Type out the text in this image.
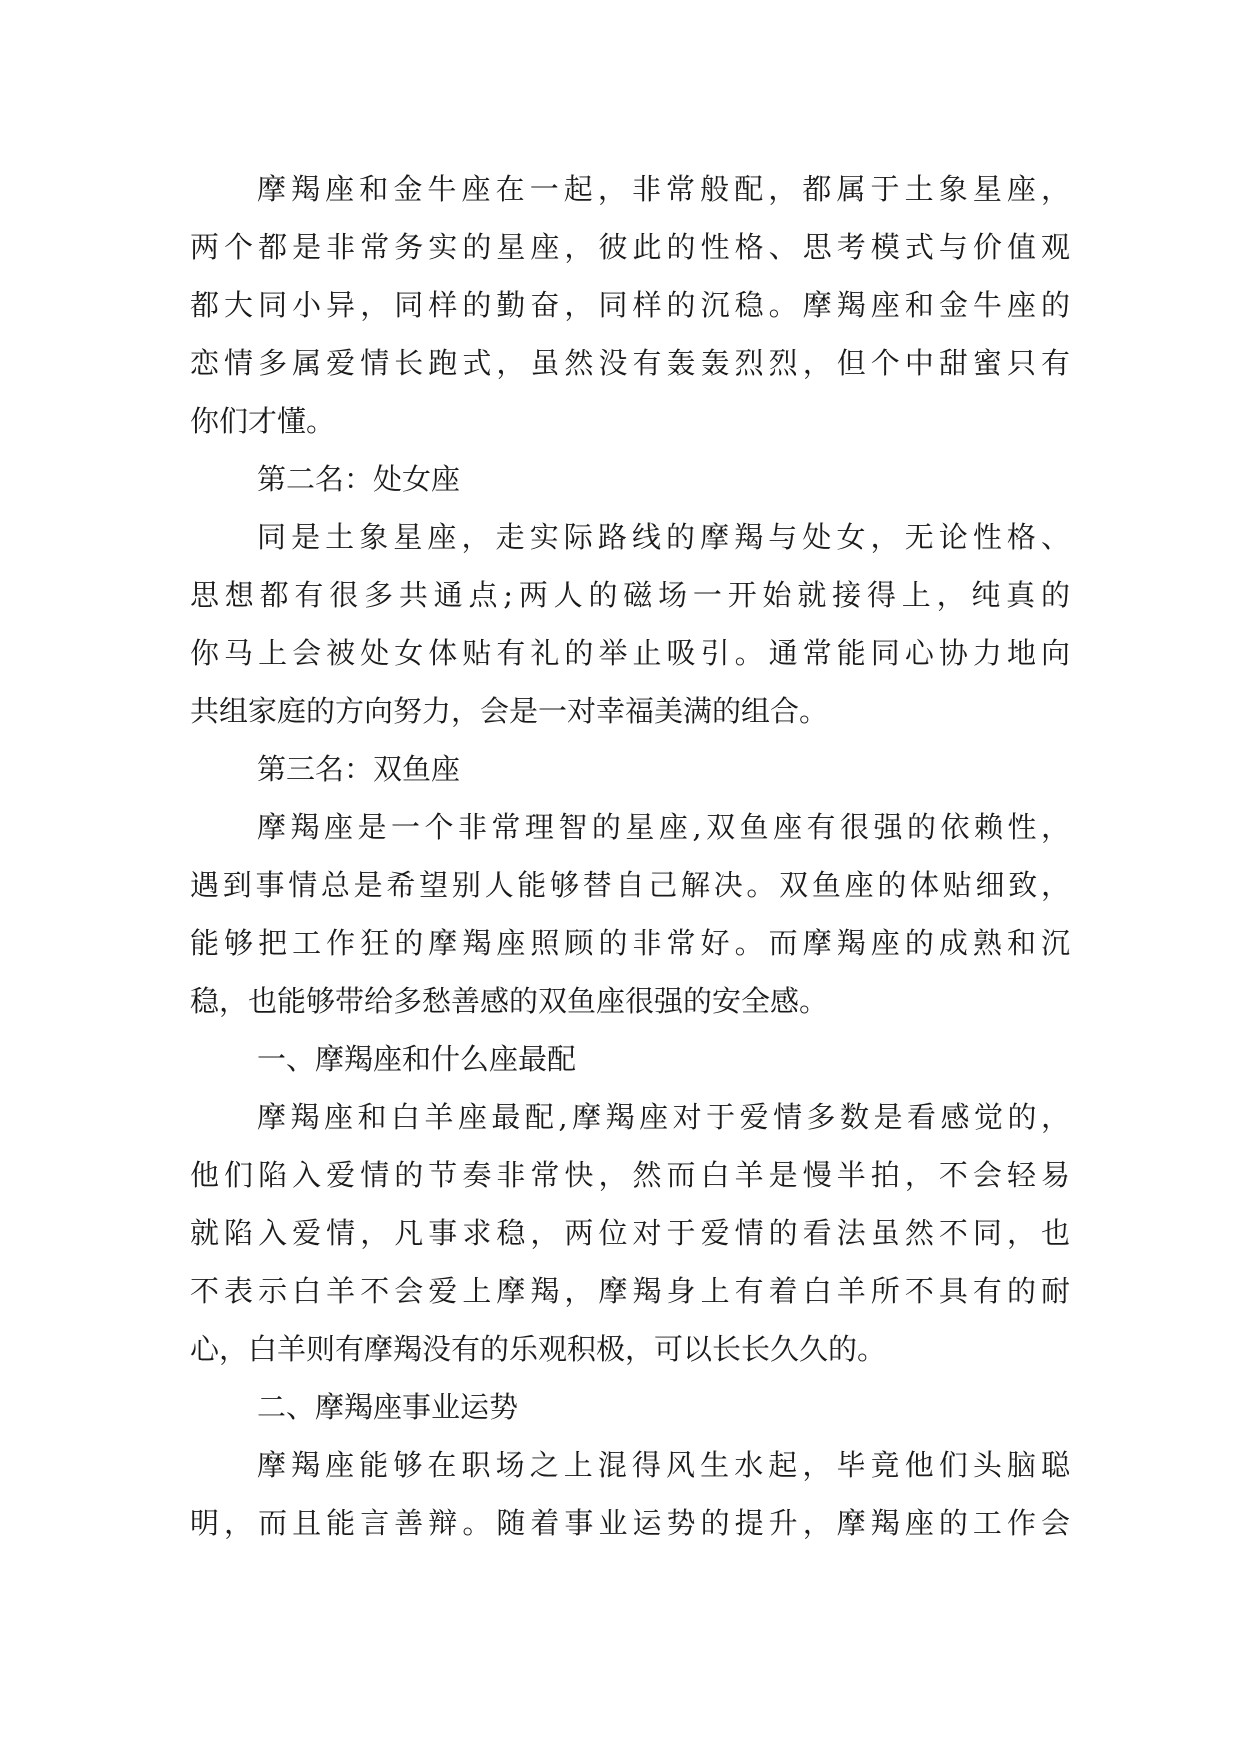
摩羯座和金牛座在一起，非常般配，都属于土象星座，
两个都是非常务实的星座，彼此的性格、思考模式与价值观
都大同小异，同样的勤奋，同样的沉稳。摩羯座和金牛座的
恋情多属爱情长跑式，虽然没有轰轰烈烈，但个中甜蜜只有
你们才懂。
第二名：处女座
同是土象星座，走实际路线的摩羯与处女，无论性格、
思想都有很多共通点;两人的磁场一开始就接得上，纯真的
你马上会被处女体贴有礼的举止吸引。通常能同心协力地向
共组家庭的方向努力，会是一对幸福美满的组合。
第三名：双鱼座
摩羯座是一个非常理智的星座,双鱼座有很强的依赖性，
遇到事情总是希望别人能够替自己解决。双鱼座的体贴细致，
能够把工作狂的摩羯座照顾的非常好。而摩羯座的成熟和沉
稳，也能够带给多愁善感的双鱼座很强的安全感。
一、摩羯座和什么座最配
摩羯座和白羊座最配,摩羯座对于爱情多数是看感觉的，
他们陷入爱情的节奏非常快，然而白羊是慢半拍，不会轻易
就陷入爱情，凡事求稳，两位对于爱情的看法虽然不同，也
不表示白羊不会爱上摩羯，摩羯身上有着白羊所不具有的耐
心，白羊则有摩羯没有的乐观积极，可以长长久久的。
二、摩羯座事业运势
摩羯座能够在职场之上混得风生水起，毕竟他们头脑聪
明，而且能言善辩。随着事业运势的提升，摩羯座的工作会
